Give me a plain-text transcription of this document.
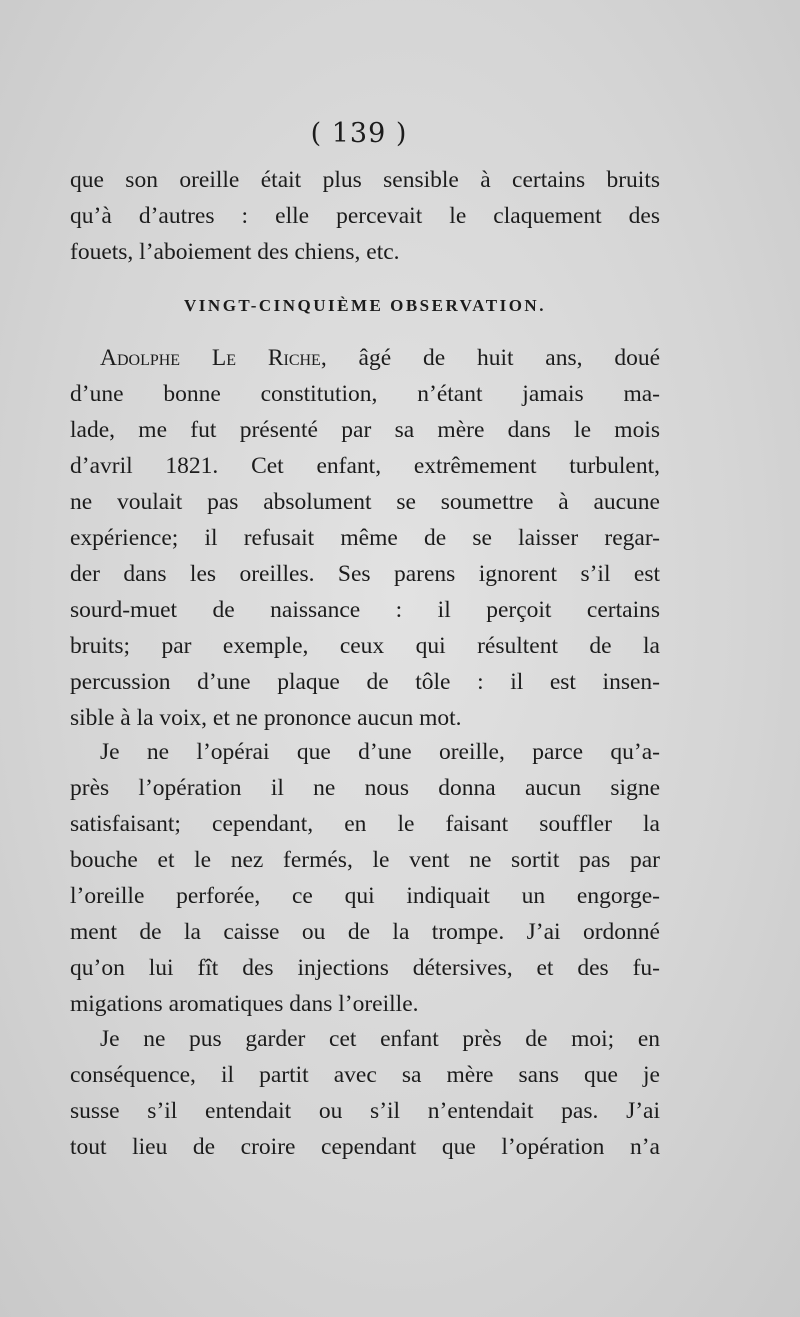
( 139 )
que son oreille était plus sensible à certains bruits
qu’à d’autres : elle percevait le claquement des
fouets, l’aboiement des chiens, etc.
VINGT-CINQUIÈME OBSERVATION.
Adolphe Le Riche, âgé de huit ans, doué
d’une bonne constitution, n’étant jamais ma-
lade, me fut présenté par sa mère dans le mois
d’avril 1821. Cet enfant, extrêmement turbulent,
ne voulait pas absolument se soumettre à aucune
expérience; il refusait même de se laisser regar-
der dans les oreilles. Ses parens ignorent s’il est
sourd-muet de naissance : il perçoit certains
bruits; par exemple, ceux qui résultent de la
percussion d’une plaque de tôle : il est insen-
sible à la voix, et ne prononce aucun mot.
Je ne l’opérai que d’une oreille, parce qu’a-
près l’opération il ne nous donna aucun signe
satisfaisant; cependant, en le faisant souffler la
bouche et le nez fermés, le vent ne sortit pas par
l’oreille perforée, ce qui indiquait un engorge-
ment de la caisse ou de la trompe. J’ai ordonné
qu’on lui fît des injections détersives, et des fu-
migations aromatiques dans l’oreille.
Je ne pus garder cet enfant près de moi; en
conséquence, il partit avec sa mère sans que je
susse s’il entendait ou s’il n’entendait pas. J’ai
tout lieu de croire cependant que l’opération n’a
